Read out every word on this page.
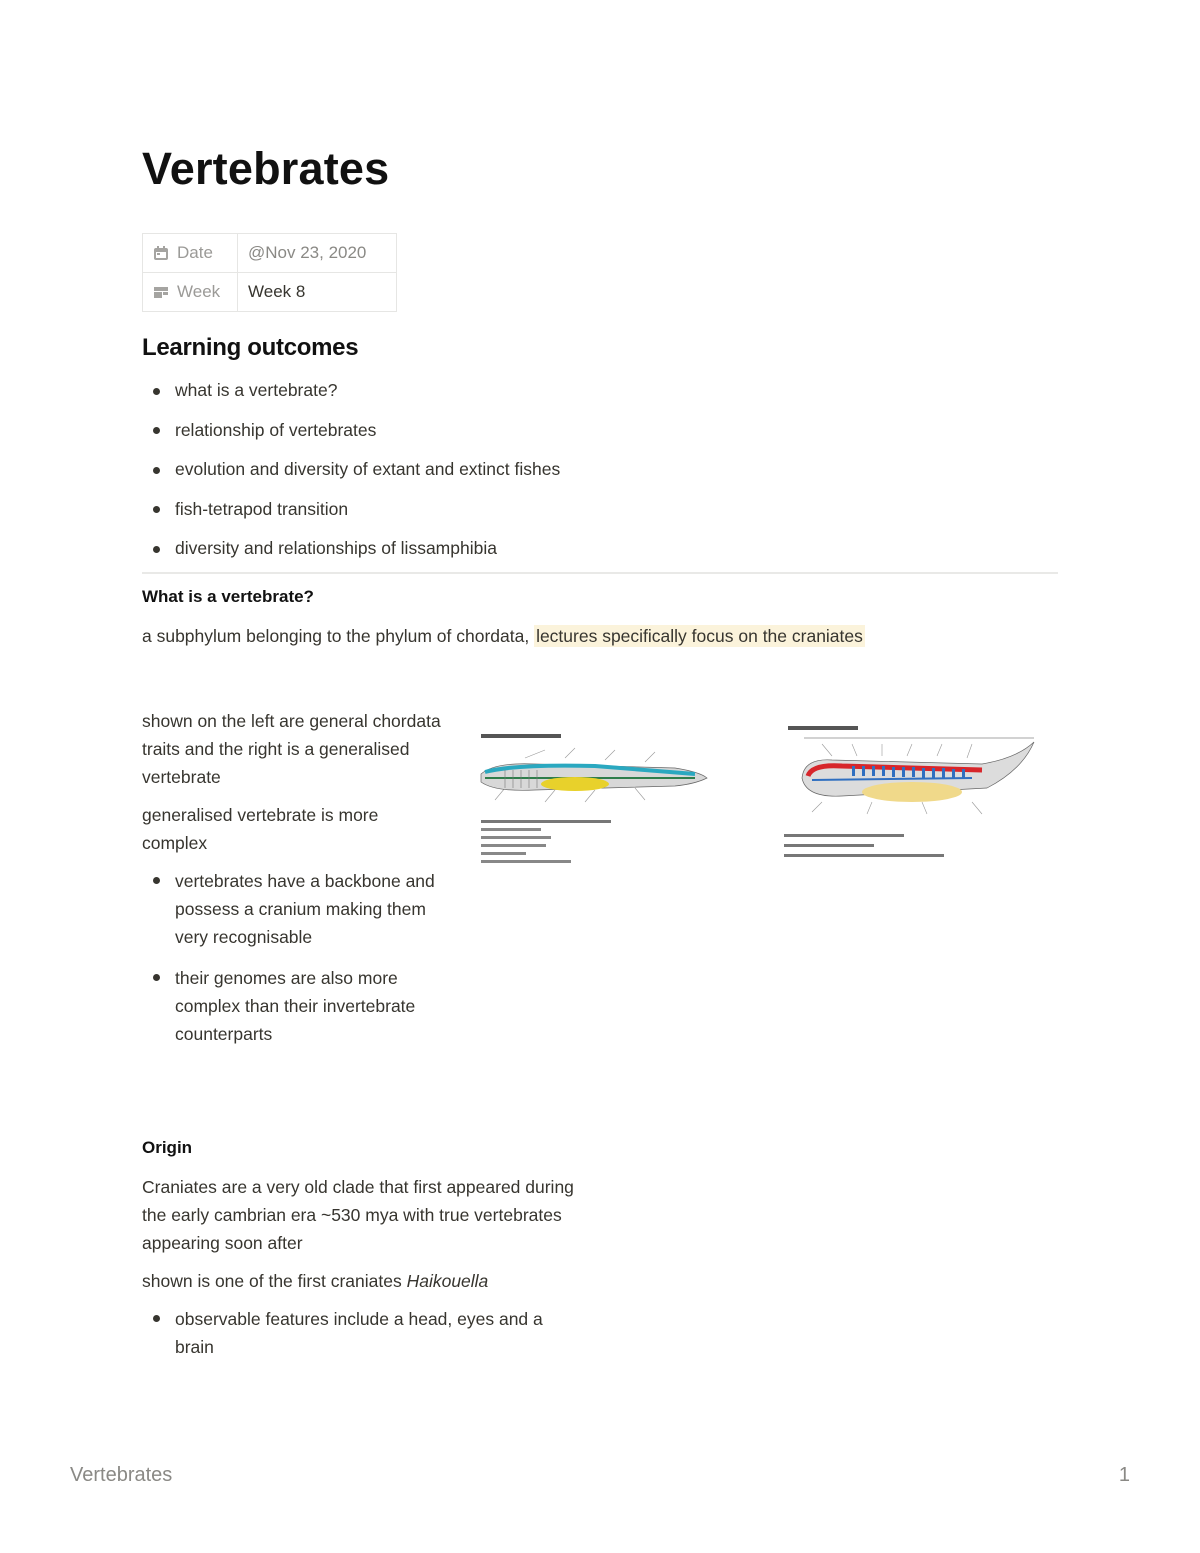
Vertebrates
Date	@Nov 23, 2020
Week	Week 8
Learning outcomes
what is a vertebrate?
relationship of vertebrates
evolution and diversity of extant and extinct fishes
fish-tetrapod transition
diversity and relationships of lissamphibia
What is a vertebrate?

a subphylum belonging to the phylum of chordata, lectures specifically focus on the craniates

shown on the left are general chordata traits and the right is a generalised vertebrate

generalised vertebrate is more complex

vertebrates have a backbone and possess a cranium making them very recognisable
their genomes are also more complex than their invertebrate counterparts
Origin

Craniates are a very old clade that first appeared during the early cambrian era ~530 mya with true vertebrates appearing soon after

shown is one of the first craniates Haikouella

observable features include a head, eyes and a brain
Vertebrates	1
